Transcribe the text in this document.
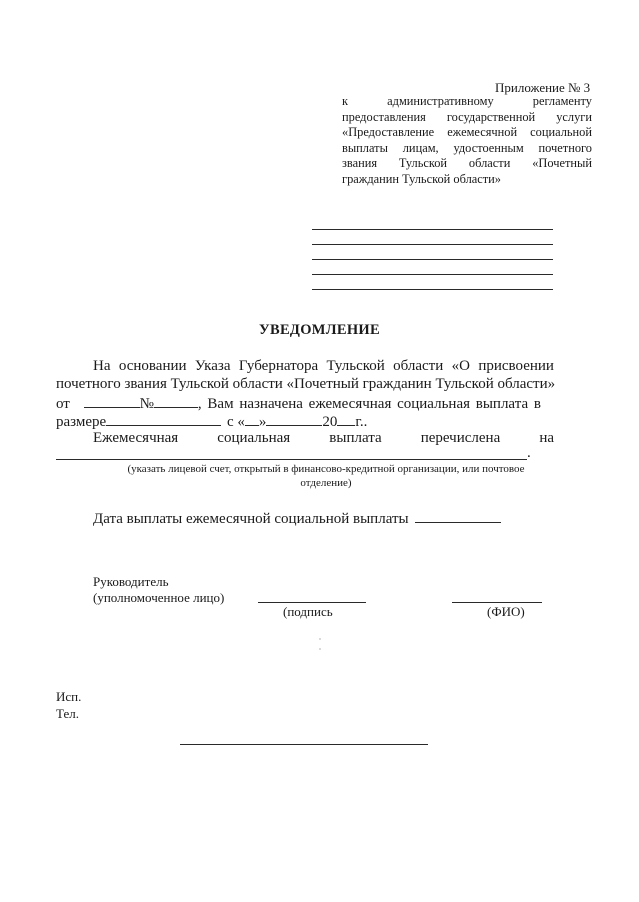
Приложение № 3
к	административному	регламенту
предоставления государственной услуги
«Предоставление ежемесячной социальной
выплаты лицам, удостоенным почетного
звания Тульской области «Почетный
гражданин Тульской области»
УВЕДОМЛЕНИЕ
На основании Указа Губернатора Тульской области «О присвоении
почетного звания Тульской области «Почетный гражданин Тульской области»
от	№	, Вам назначена ежемесячная социальная выплата в
размере	с « »	20 г..
Ежемесячная	социальная	выплата	перечислена	на
.
(указать лицевой счет, открытый в финансово-кредитной организации, или почтовое отделение)
Дата выплаты ежемесячной социальной выплаты
Руководитель
(уполномоченное лицо)
(подпись	(ФИО)
Исп.
Тел.
